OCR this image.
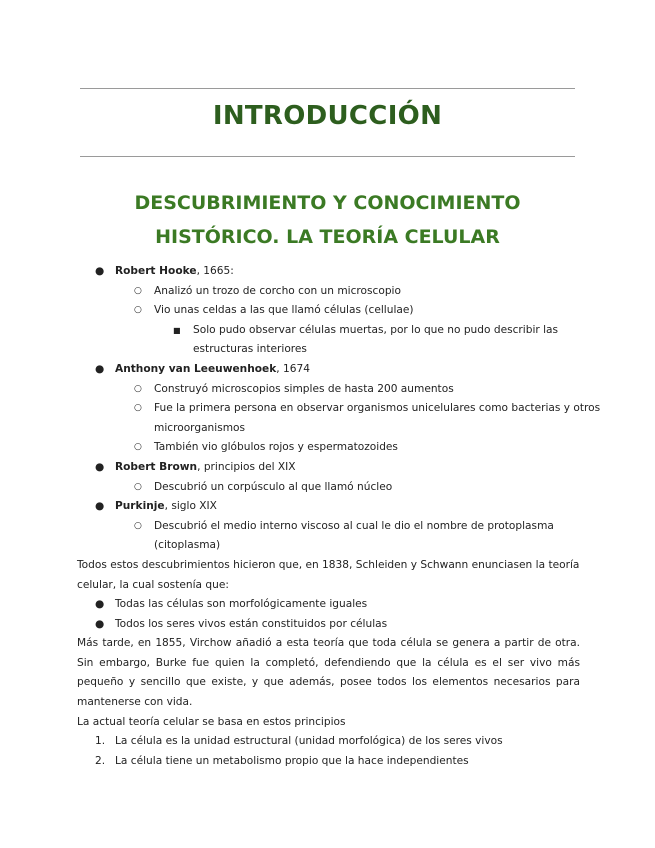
INTRODUCCIÓN
DESCUBRIMIENTO Y CONOCIMIENTO
HISTÓRICO. LA TEORÍA CELULAR
● Robert Hooke, 1665:
○ Analizó un trozo de corcho con un microscopio
○ Vio unas celdas a las que llamó células (cellulae)
■ Solo pudo observar células muertas, por lo que no pudo describir las
estructuras interiores
● Anthony van Leeuwenhoek, 1674
○ Construyó microscopios simples de hasta 200 aumentos
○ Fue la primera persona en observar organismos unicelulares como bacterias y otros
microorganismos
○ También vio glóbulos rojos y espermatozoides
● Robert Brown, principios del XIX
○ Descubrió un corpúsculo al que llamó núcleo
● Purkinje, siglo XIX
○ Descubrió el medio interno viscoso al cual le dio el nombre de protoplasma
(citoplasma)
Todos estos descubrimientos hicieron que, en 1838, Schleiden y Schwann enunciasen la teoría
celular, la cual sostenía que:
● Todas las células son morfológicamente iguales
● Todos los seres vivos están constituidos por células
Más tarde, en 1855, Virchow añadió a esta teoría que toda célula se genera a partir de otra. Sin embargo, Burke fue quien la completó, defendiendo que la célula es el ser vivo más pequeño y sencillo que existe, y que además, posee todos los elementos necesarios para mantenerse con vida.
La actual teoría celular se basa en estos principios
1. La célula es la unidad estructural (unidad morfológica) de los seres vivos
2. La célula tiene un metabolismo propio que la hace independientes
